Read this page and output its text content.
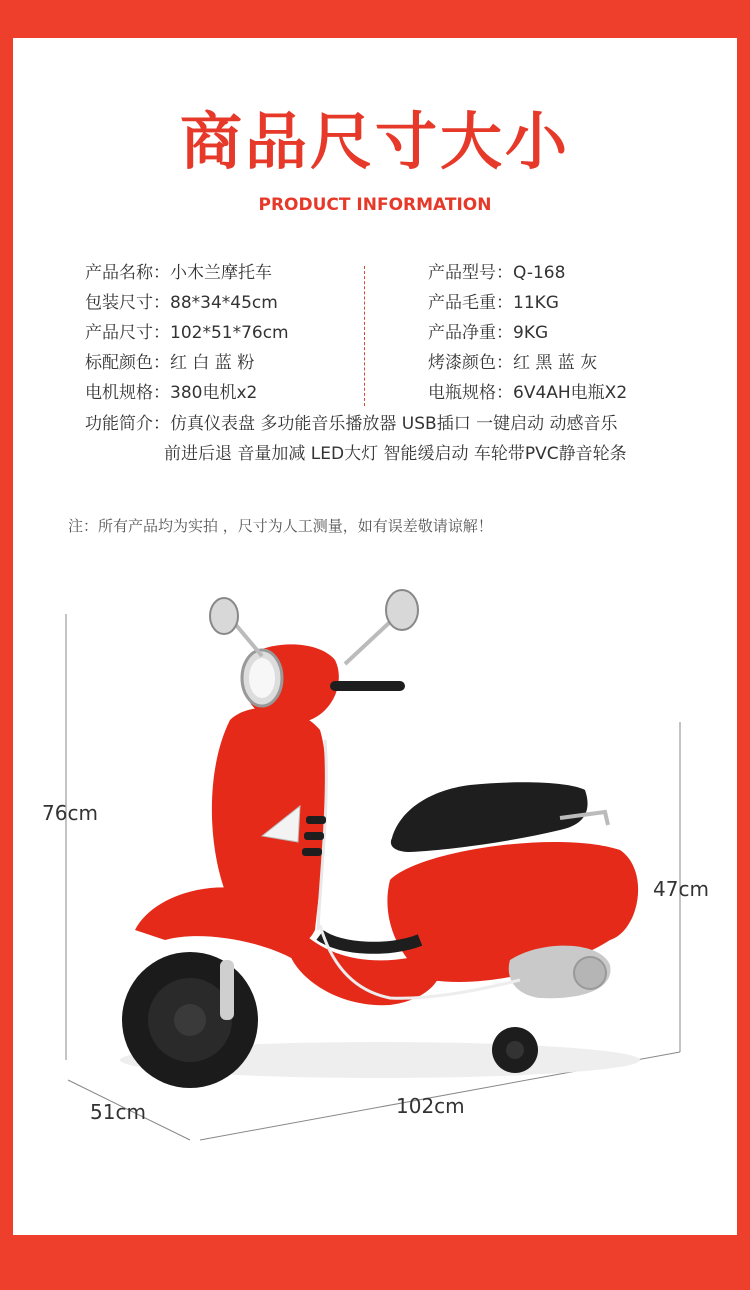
商品尺寸大小
PRODUCT INFORMATION
产品名称：小木兰摩托车
包装尺寸：88*34*45cm
产品尺寸：102*51*76cm
标配颜色：红 白 蓝 粉
电机规格：380电机x2
产品型号：Q-168
产品毛重：11KG
产品净重：9KG
烤漆颜色：红 黑 蓝 灰
电瓶规格：6V4AH电瓶X2
功能简介：仿真仪表盘 多功能音乐播放器 USB插口 一键启动 动感音乐
前进后退 音量加减 LED大灯 智能缓启动 车轮带PVC静音轮条
注：所有产品均为实拍 ，尺寸为人工测量，如有误差敬请谅解！
76cm
47cm
51cm	102cm
